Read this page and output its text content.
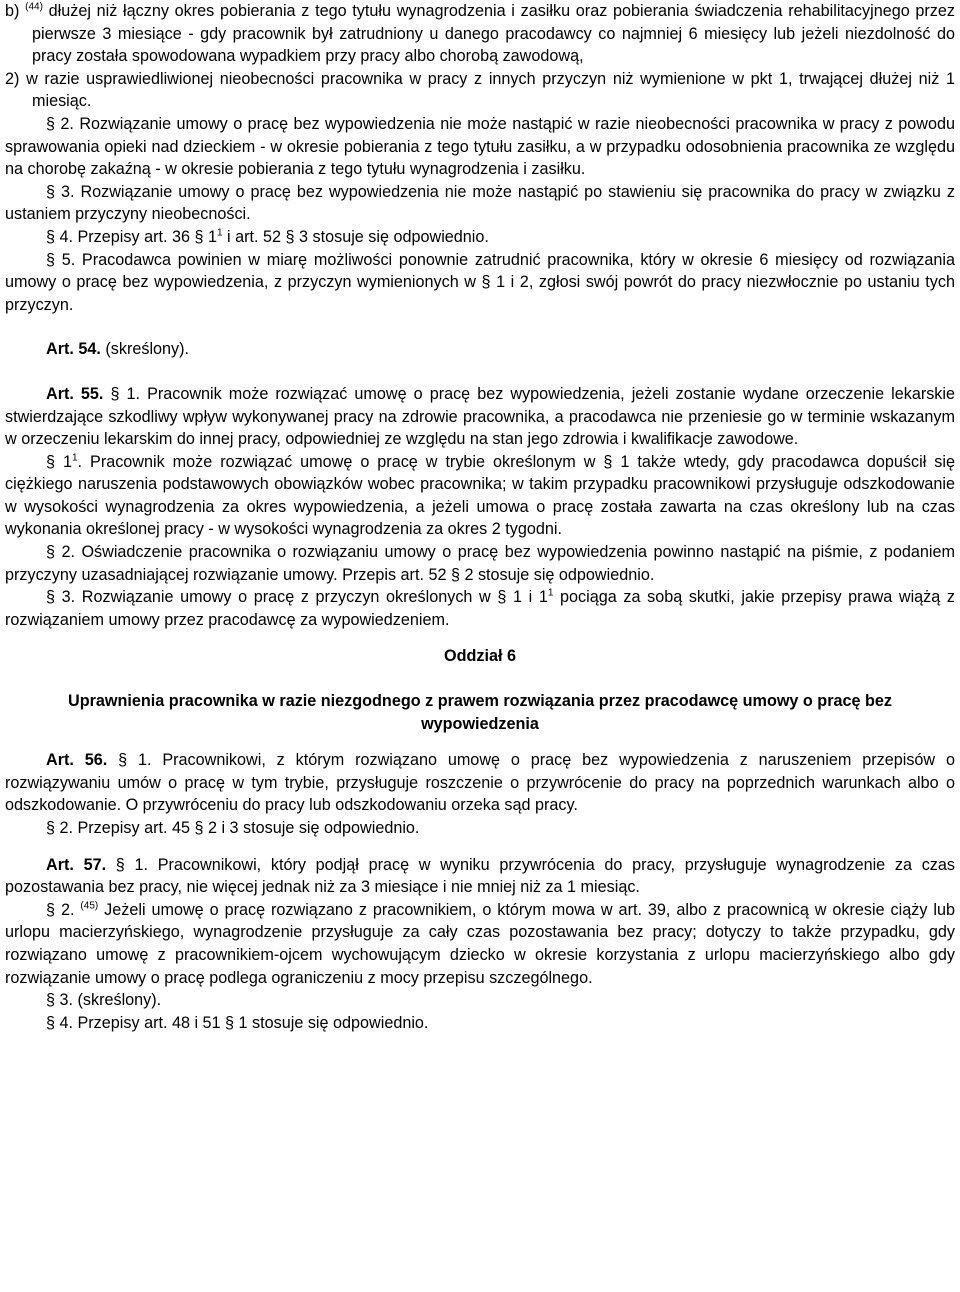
b) $^{(44)}$ dłużej niż łączny okres pobierania z tego tytułu wynagrodzenia i zasiłku oraz pobierania świadczenia rehabilitacyjnego przez pierwsze 3 miesiące - gdy pracownik był zatrudniony u danego pracodawcy co najmniej 6 miesięcy lub jeżeli niezdolność do pracy została spowodowana wypadkiem przy pracy albo chorobą zawodową,

2) w razie usprawiedliwionej nieobecności pracownika w pracy z innych przyczyn niż wymienione w pkt 1, trwającej dłużej niż 1 miesiąc.

§ 2. Rozwiązanie umowy o pracę bez wypowiedzenia nie może nastąpić w razie nieobecności pracownika w pracy z powodu sprawowania opieki nad dzieckiem - w okresie pobierania z tego tytułu zasiłku, a w przypadku odosobnienia pracownika ze względu na chorobę zakaźną - w okresie pobierania z tego tytułu wynagrodzenia i zasiłku.

§ 3. Rozwiązanie umowy o pracę bez wypowiedzenia nie może nastąpić po stawieniu się pracownika do pracy w związku z ustaniem przyczyny nieobecności.

§ 4. Przepisy art. 36 § $1^1$ i art. 52 § 3 stosuje się odpowiednio.

§ 5. Pracodawca powinien w miarę możliwości ponownie zatrudnić pracownika, który w okresie 6 miesięcy od rozwiązania umowy o pracę bez wypowiedzenia, z przyczyn wymienionych w § 1 i 2, zgłosi swój powrót do pracy niezwłocznie po ustaniu tych przyczyn.

Art. 54. (skreślony).

Art. 55. § 1. Pracownik może rozwiązać umowę o pracę bez wypowiedzenia, jeżeli zostanie wydane orzeczenie lekarskie stwierdzające szkodliwy wpływ wykonywanej pracy na zdrowie pracownika, a pracodawca nie przeniesie go w terminie wskazanym w orzeczeniu lekarskim do innej pracy, odpowiedniej ze względu na stan jego zdrowia i kwalifikacje zawodowe.

§ $1^1$. Pracownik może rozwiązać umowę o pracę w trybie określonym w § 1 także wtedy, gdy pracodawca dopuścił się ciężkiego naruszenia podstawowych obowiązków wobec pracownika; w takim przypadku pracownikowi przysługuje odszkodowanie w wysokości wynagrodzenia za okres wypowiedzenia, a jeżeli umowa o pracę została zawarta na czas określony lub na czas wykonania określonej pracy - w wysokości wynagrodzenia za okres 2 tygodni.

§ 2. Oświadczenie pracownika o rozwiązaniu umowy o pracę bez wypowiedzenia powinno nastąpić na piśmie, z podaniem przyczyny uzasadniającej rozwiązanie umowy. Przepis art. 52 § 2 stosuje się odpowiednio.

§ 3. Rozwiązanie umowy o pracę z przyczyn określonych w § 1 i $1^1$ pociąga za sobą skutki, jakie przepisy prawa wiążą z rozwiązaniem umowy przez pracodawcę za wypowiedzeniem.

Oddział 6

Uprawnienia pracownika w razie niezgodnego z prawem rozwiązania przez pracodawcę umowy o pracę bez wypowiedzenia

Art. 56. § 1. Pracownikowi, z którym rozwiązano umowę o pracę bez wypowiedzenia z naruszeniem przepisów o rozwiązywaniu umów o pracę w tym trybie, przysługuje roszczenie o przywrócenie do pracy na poprzednich warunkach albo o odszkodowanie. O przywróceniu do pracy lub odszkodowaniu orzeka sąd pracy.

§ 2. Przepisy art. 45 § 2 i 3 stosuje się odpowiednio.

Art. 57. § 1. Pracownikowi, który podjął pracę w wyniku przywrócenia do pracy, przysługuje wynagrodzenie za czas pozostawania bez pracy, nie więcej jednak niż za 3 miesiące i nie mniej niż za 1 miesiąc.

§ 2. $^{(45)}$ Jeżeli umowę o pracę rozwiązano z pracownikiem, o którym mowa w art. 39, albo z pracownicą w okresie ciąży lub urlopu macierzyńskiego, wynagrodzenie przysługuje za cały czas pozostawania bez pracy; dotyczy to także przypadku, gdy rozwiązano umowę z pracownikiem-ojcem wychowującym dziecko w okresie korzystania z urlopu macierzyńskiego albo gdy rozwiązanie umowy o pracę podlega ograniczeniu z mocy przepisu szczególnego.

§ 3. (skreślony).

§ 4. Przepisy art. 48 i 51 § 1 stosuje się odpowiednio.
